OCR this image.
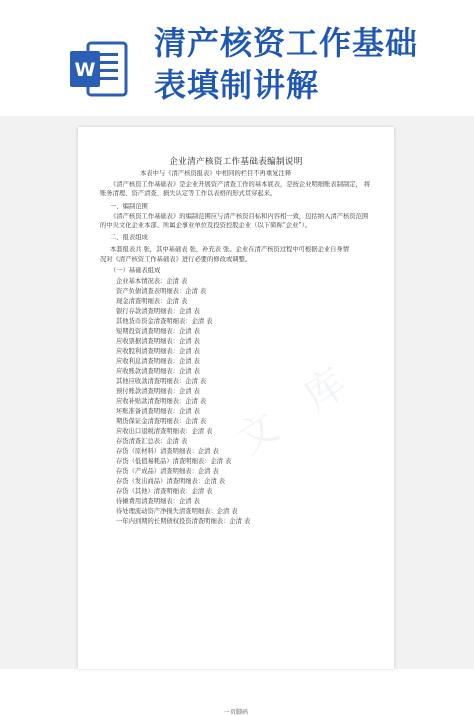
W
清产核资工作基础
表填制讲解
文 库
企业清产核资工作基础表编制说明
本表中与《清产核资报表》中相同的栏目不再重复注释
《清产核资工作基础表》是企业开展资产清查工作的基本底表，是按企业明细账表制制定， 将
账务清理、资产清查、损失认定等工作以表格的形式贯穿起来。
一、编制范围
《清产核资工作基础表》的编制范围应与清产核资目标和内容相一致，包括纳入清产核资范围
的中央文化企业本部、所属企事业单位及投资控股企业（以下简称“企业”）。
二、报表组成
本套报表共 张，其中基础表 张，补充表 张。企业在清产核资过程中可根据企业自身情
况对《清产核资工作基础表》进行必要的修改或调整。
（一）基础表组成
企业基本情况表：企清 表
资产负债清查表明细表：企清 表
现金清查明细表：企清 表
银行存款清查明细表：企清 表
其他货币资金清查明细表：企清 表
短期投资清查明细表：企清 表
应收票据清查明细表：企清 表
应收股利清查明细表：企清 表
应收利息清查明细表：企清 表
应收账款清查明细表：企清 表
其他应收款清查明细表：企清 表
预付账款清查明细表：企清 表
应收补贴款清查明细表：企清 表
坏账准备清查明细表：企清 表
期货保证金清查明细表：企清 表
应收出口退税清查明细表：企清 表
存货清查汇总表：企清 表
存货（原材料）清查明细表：企清 表
存货（低值易耗品）清查明细表：企清 表
存货（产成品）清查明细表：企清 表
存货（发出商品）清查明细表：企清 表
存货（其他）清查明细表：企清 表
待摊费用清查明细表：企清 表
待处理流动资产净损失清查明细表：企清 表
一年内到期的长期债权投资清查明细表：企清 表
一页脚码
